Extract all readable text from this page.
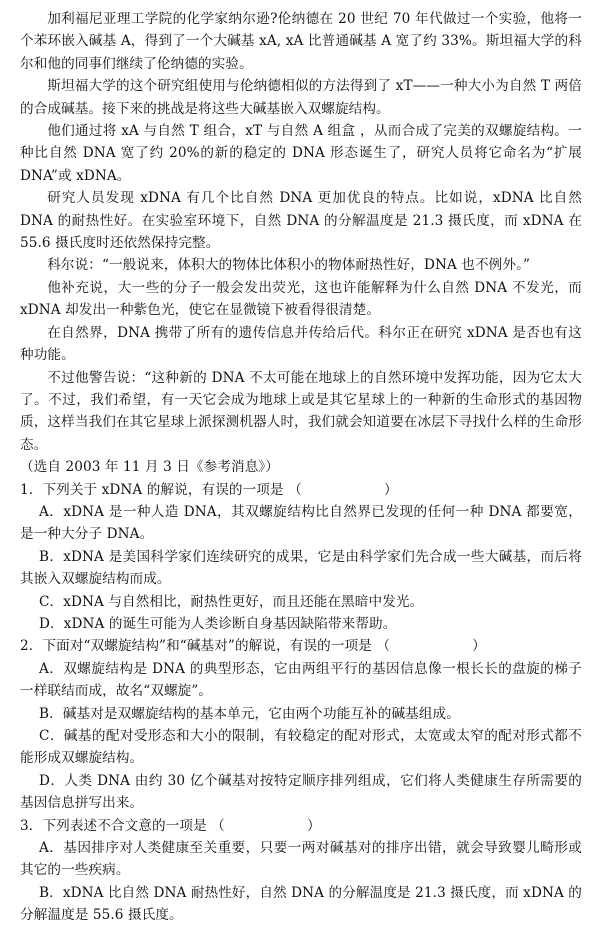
加利福尼亚理工学院的化学家纳尔逊?伦纳德在 20 世纪 70 年代做过一个实验，他将一个苯环嵌入碱基 A，得到了一个大碱基 xA, xA 比普通碱基 A 宽了约 33%。斯坦福大学的科尔和他的同事们继续了伦纳德的实验。

斯坦福大学的这个研究组使用与伦纳德相似的方法得到了 xT——一种大小为自然 T 两倍的合成碱基。接下来的挑战是将这些大碱基嵌入双螺旋结构。

他们通过将 xA 与自然 T 组合，xT 与自然 A 组盒 ，从而合成了完美的双螺旋结构。一种比自然 DNA 宽了约 20%的新的稳定的 DNA 形态诞生了，研究人员将它命名为“扩展 DNA”或 xDNA。

研究人员发现 xDNA 有几个比自然 DNA 更加优良的特点。比如说，xDNA 比自然 DNA 的耐热性好。在实验室环境下，自然 DNA 的分解温度是 21.3 摄氏度，而 xDNA 在 55.6 摄氏度时还依然保持完整。

科尔说：“一般说来，体积大的物体比体积小的物体耐热性好，DNA 也不例外。”

他补充说，大一些的分子一般会发出荧光，这也许能解释为什么自然 DNA 不发光，而 xDNA 却发出一种紫色光，使它在显微镜下被看得很清楚。

在自然界，DNA 携带了所有的遗传信息并传给后代。科尔正在研究 xDNA 是否也有这种功能。

不过他警告说：“这种新的 DNA 不太可能在地球上的自然环境中发挥功能，因为它太大了。不过，我们希望，有一天它会成为地球上或是其它星球上的一种新的生命形式的基因物质，这样当我们在其它星球上派探测机器人时，我们就会知道要在冰层下寻找什么样的生命形态。

（选自 2003 年 11 月 3 日《参考消息》）

1．下列关于 xDNA 的解说，有误的一项是 （　　　　　　）

A．xDNA 是一种人造 DNA，其双螺旋结构比自然界已发现的任何一种 DNA 都要宽，是一种大分子 DNA。

B．xDNA 是美国科学家们连续研究的成果，它是由科学家们先合成一些大碱基，而后将其嵌入双螺旋结构而成。

C．xDNA 与自然相比，耐热性更好，而且还能在黑暗中发光。

D．xDNA 的诞生可能为人类诊断自身基因缺陷带来帮助。

2．下面对“双螺旋结构”和“碱基对”的解说，有误的一项是 （　　　　　　）

A．双螺旋结构是 DNA 的典型形态，它由两组平行的基因信息像一根长长的盘旋的梯子一样联结而成，故名“双螺旋”。

B．碱基对是双螺旋结构的基本单元，它由两个功能互补的碱基组成。

C．碱基的配对受形态和大小的限制，有较稳定的配对形式，太宽或太窄的配对形式都不能形成双螺旋结构。

D．人类 DNA 由约 30 亿个碱基对按特定顺序排列组成，它们将人类健康生存所需要的基因信息拼写出来。

3．下列表述不合文意的一项是 （　　　　　　）

A．基因排序对人类健康至关重要，只要一两对碱基对的排序出错，就会导致婴儿畸形或其它的一些疾病。

B．xDNA 比自然 DNA 耐热性好，自然 DNA 的分解温度是 21.3 摄氏度，而 xDNA 的分解温度是 55.6 摄氏度。
